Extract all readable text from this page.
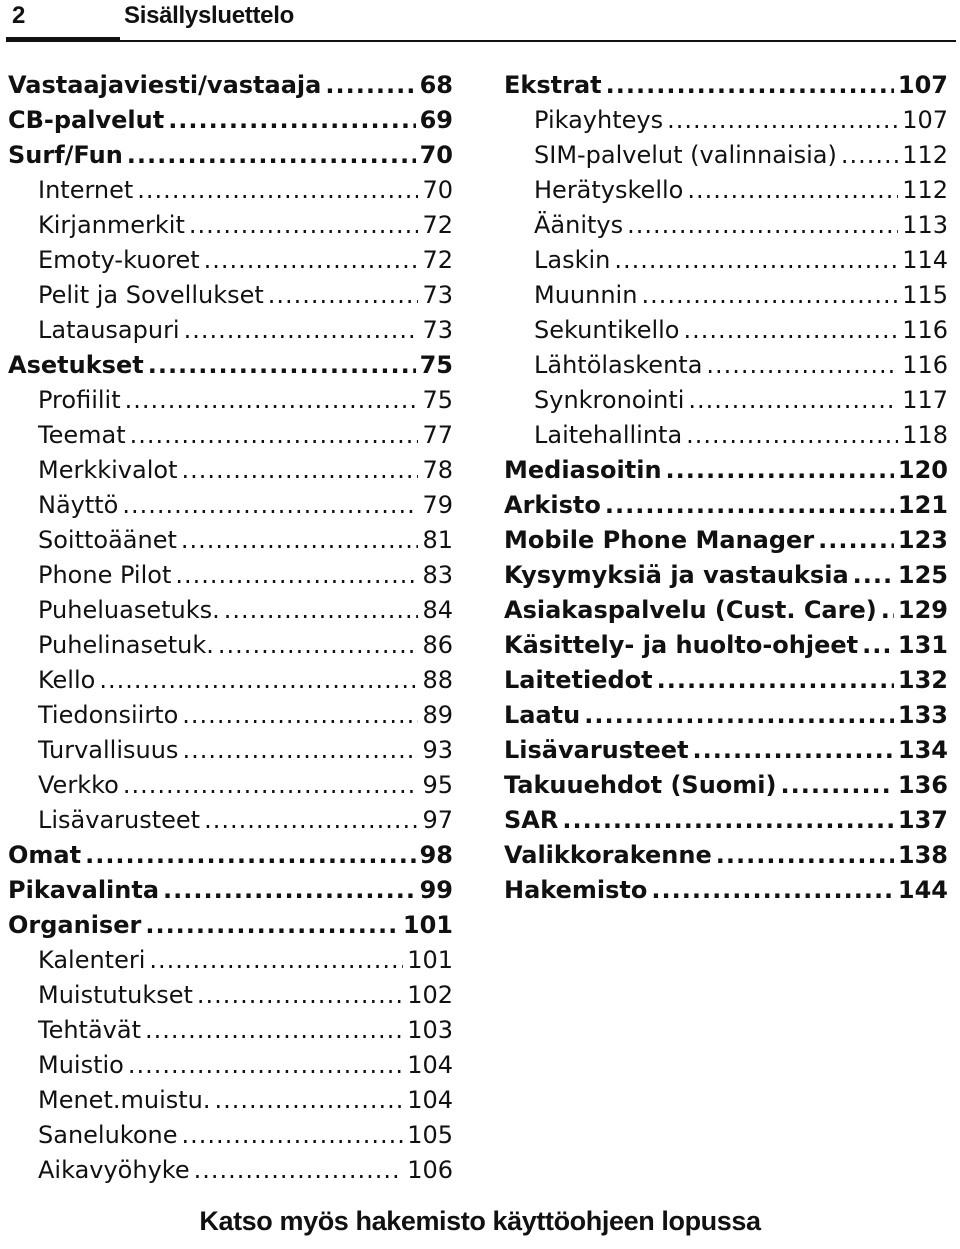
2	Sisällysluettelo
Vastaajaviesti/vastaaja .....	68
CB-palvelut .....	69
Surf/Fun .....	70
Internet .....	70
Kirjanmerkit .....	72
Emoty-kuoret .....	72
Pelit ja Sovellukset .....	73
Latausapuri .....	73
Asetukset .....	75
Profiilit .....	75
Teemat .....	77
Merkkivalot .....	78
Näyttö .....	79
Soittoäänet .....	81
Phone Pilot .....	83
Puheluasetuks. .....	84
Puhelinasetuk. .....	86
Kello .....	88
Tiedonsiirto .....	89
Turvallisuus .....	93
Verkko .....	95
Lisävarusteet .....	97
Omat .....	98
Pikavalinta .....	99
Organiser .....	101
Kalenteri .....	101
Muistutukset .....	102
Tehtävät .....	103
Muistio .....	104
Menet.muistu. .....	104
Sanelukone .....	105
Aikavyöhyke .....	106
Ekstrat .....	107
Pikayhteys .....	107
SIM-palvelut (valinnaisia) .....	112
Herätyskello .....	112
Äänitys .....	113
Laskin .....	114
Muunnin .....	115
Sekuntikello .....	116
Lähtölaskenta .....	116
Synkronointi .....	117
Laitehallinta .....	118
Mediasoitin .....	120
Arkisto .....	121
Mobile Phone Manager .....	123
Kysymyksiä ja vastauksia ..... 125
Asiakaspalvelu (Cust. Care) ..... 129
Käsittely- ja huolto-ohjeet ..... 131
Laitetiedot .....	132
Laatu .....	133
Lisävarusteet .....	134
Takuuehdot (Suomi) .....	136
SAR .....	137
Valikkorakenne .....	138
Hakemisto .....	144
Katso myös hakemisto käyttöohjeen lopussa
